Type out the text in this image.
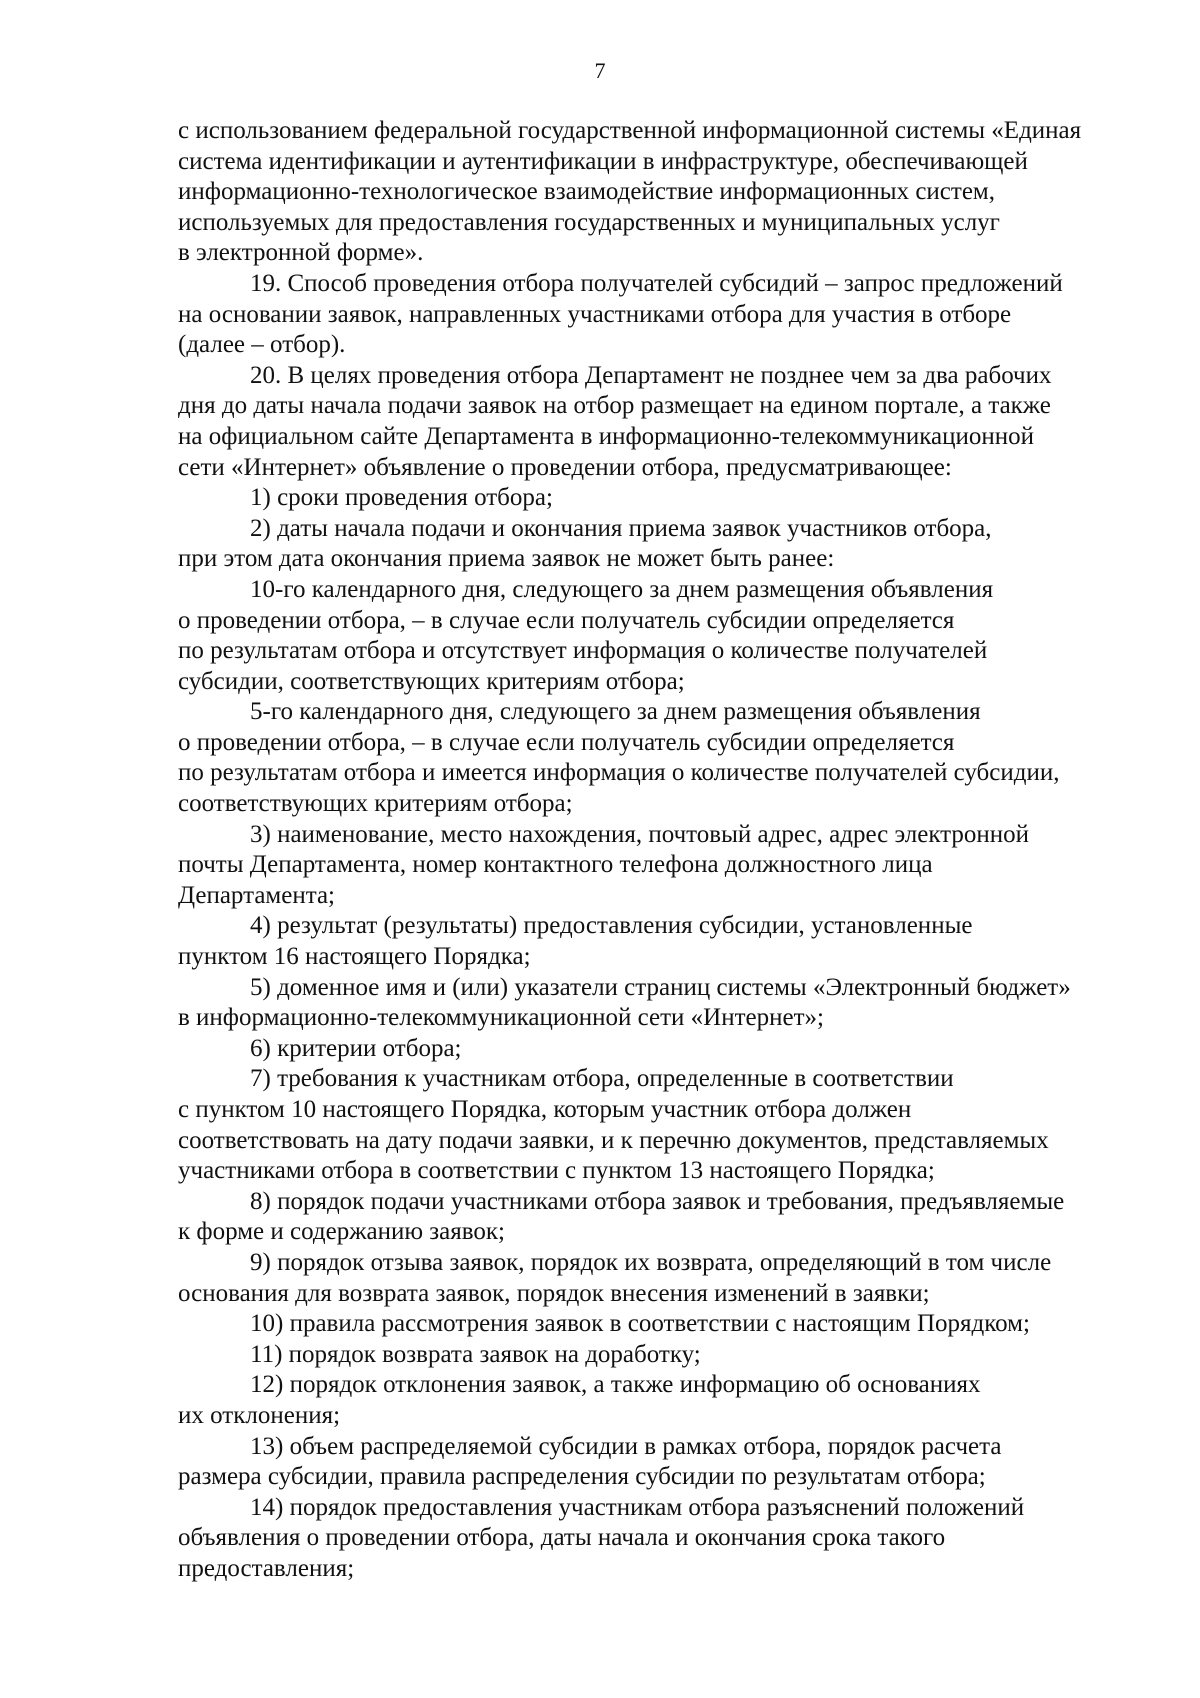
7

с использованием федеральной государственной информационной системы «Единая
система идентификации и аутентификации в инфраструктуре, обеспечивающей
информационно-технологическое взаимодействие информационных систем,
используемых для предоставления государственных и муниципальных услуг
в электронной форме».

19. Способ проведения отбора получателей субсидий – запрос предложений
на основании заявок, направленных участниками отбора для участия в отборе
(далее – отбор).

20. В целях проведения отбора Департамент не позднее чем за два рабочих
дня до даты начала подачи заявок на отбор размещает на едином портале, а также
на официальном сайте Департамента в информационно-телекоммуникационной
сети «Интернет» объявление о проведении отбора, предусматривающее:

1) сроки проведения отбора;

2) даты начала подачи и окончания приема заявок участников отбора,
при этом дата окончания приема заявок не может быть ранее:

10-го календарного дня, следующего за днем размещения объявления
о проведении отбора, – в случае если получатель субсидии определяется
по результатам отбора и отсутствует информация о количестве получателей
субсидии, соответствующих критериям отбора;

5-го календарного дня, следующего за днем размещения объявления
о проведении отбора, – в случае если получатель субсидии определяется
по результатам отбора и имеется информация о количестве получателей субсидии,
соответствующих критериям отбора;

3) наименование, место нахождения, почтовый адрес, адрес электронной
почты Департамента, номер контактного телефона должностного лица
Департамента;

4) результат (результаты) предоставления субсидии, установленные
пунктом 16 настоящего Порядка;

5) доменное имя и (или) указатели страниц системы «Электронный бюджет»
в информационно-телекоммуникационной сети «Интернет»;

6) критерии отбора;

7) требования к участникам отбора, определенные в соответствии
с пунктом 10 настоящего Порядка, которым участник отбора должен
соответствовать на дату подачи заявки, и к перечню документов, представляемых
участниками отбора в соответствии с пунктом 13 настоящего Порядка;

8) порядок подачи участниками отбора заявок и требования, предъявляемые
к форме и содержанию заявок;

9) порядок отзыва заявок, порядок их возврата, определяющий в том числе
основания для возврата заявок, порядок внесения изменений в заявки;

10) правила рассмотрения заявок в соответствии с настоящим Порядком;

11) порядок возврата заявок на доработку;

12) порядок отклонения заявок, а также информацию об основаниях
их отклонения;

13) объем распределяемой субсидии в рамках отбора, порядок расчета
размера субсидии, правила распределения субсидии по результатам отбора;

14) порядок предоставления участникам отбора разъяснений положений
объявления о проведении отбора, даты начала и окончания срока такого
предоставления;
